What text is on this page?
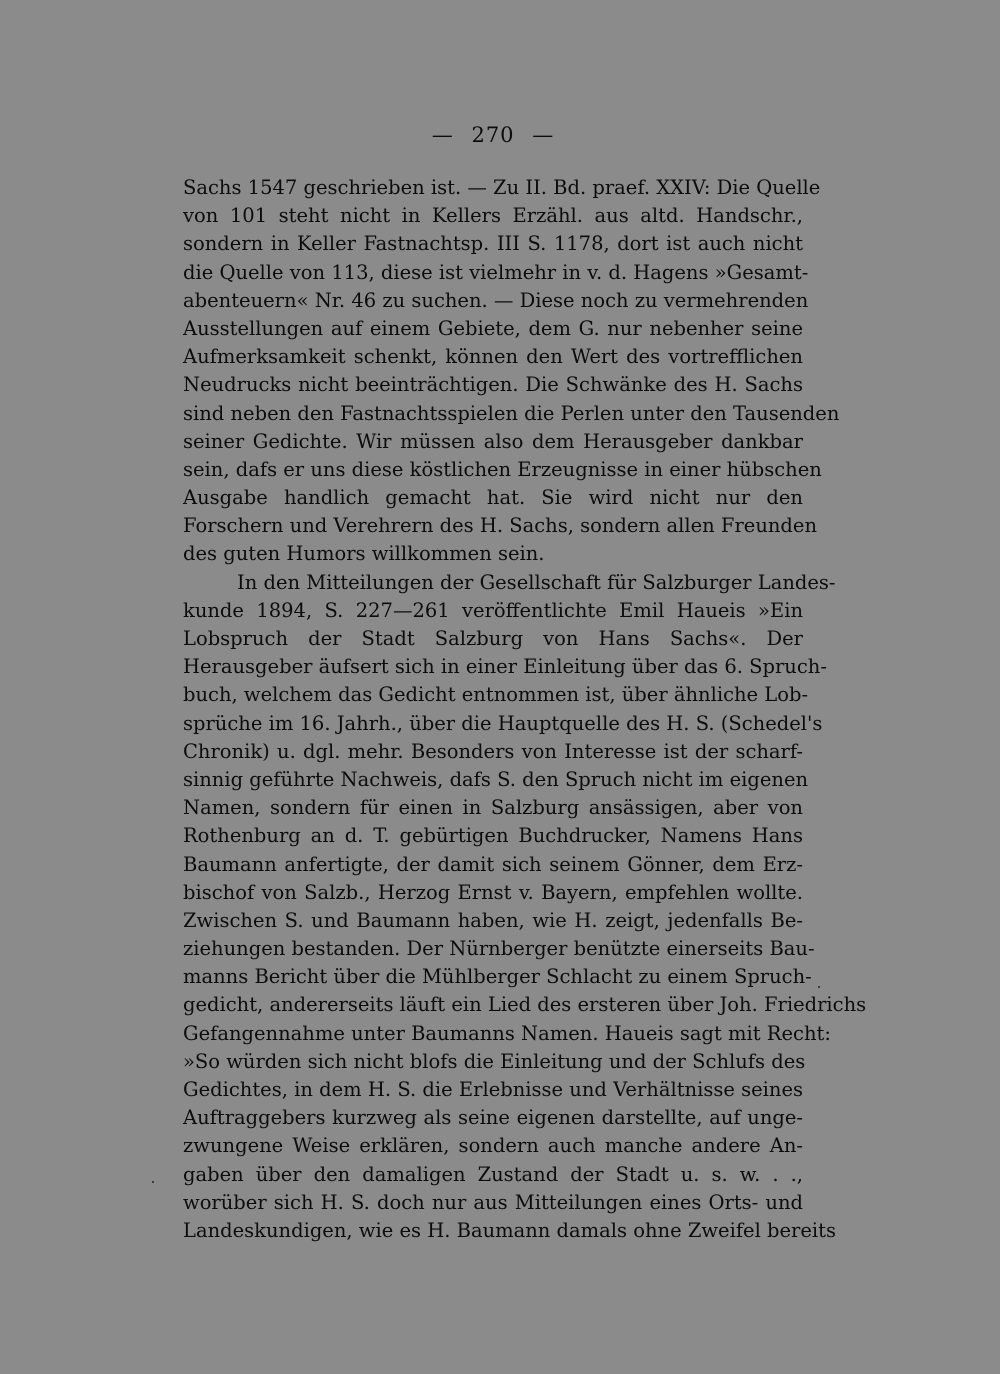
— 270 —
Sachs 1547 geschrieben ist. — Zu II. Bd. praef. XXIV: Die Quelle
von 101 steht nicht in Kellers Erzähl. aus altd. Handschr.,
sondern in Keller Fastnachtsp. III S. 1178, dort ist auch nicht
die Quelle von 113, diese ist vielmehr in v. d. Hagens »Gesamt-
abenteuern« Nr. 46 zu suchen. — Diese noch zu vermehrenden
Ausstellungen auf einem Gebiete, dem G. nur nebenher seine
Aufmerksamkeit schenkt, können den Wert des vortrefflichen
Neudrucks nicht beeinträchtigen. Die Schwänke des H. Sachs
sind neben den Fastnachtsspielen die Perlen unter den Tausenden
seiner Gedichte. Wir müssen also dem Herausgeber dankbar
sein, dafs er uns diese köstlichen Erzeugnisse in einer hübschen
Ausgabe handlich gemacht hat. Sie wird nicht nur den
Forschern und Verehrern des H. Sachs, sondern allen Freunden
des guten Humors willkommen sein.
In den Mitteilungen der Gesellschaft für Salzburger Landes-
kunde 1894, S. 227—261 veröffentlichte Emil Haueis »Ein
Lobspruch der Stadt Salzburg von Hans Sachs«. Der
Herausgeber äufsert sich in einer Einleitung über das 6. Spruch-
buch, welchem das Gedicht entnommen ist, über ähnliche Lob-
sprüche im 16. Jahrh., über die Hauptquelle des H. S. (Schedel's
Chronik) u. dgl. mehr. Besonders von Interesse ist der scharf-
sinnig geführte Nachweis, dafs S. den Spruch nicht im eigenen
Namen, sondern für einen in Salzburg ansässigen, aber von
Rothenburg an d. T. gebürtigen Buchdrucker, Namens Hans
Baumann anfertigte, der damit sich seinem Gönner, dem Erz-
bischof von Salzb., Herzog Ernst v. Bayern, empfehlen wollte.
Zwischen S. und Baumann haben, wie H. zeigt, jedenfalls Be-
ziehungen bestanden. Der Nürnberger benützte einerseits Bau-
manns Bericht über die Mühlberger Schlacht zu einem Spruch-
gedicht, andererseits läuft ein Lied des ersteren über Joh. Friedrichs
Gefangennahme unter Baumanns Namen. Haueis sagt mit Recht:
»So würden sich nicht blofs die Einleitung und der Schlufs des
Gedichtes, in dem H. S. die Erlebnisse und Verhältnisse seines
Auftraggebers kurzweg als seine eigenen darstellte, auf unge-
zwungene Weise erklären, sondern auch manche andere An-
gaben über den damaligen Zustand der Stadt u. s. w. . .,
worüber sich H. S. doch nur aus Mitteilungen eines Orts- und
Landeskundigen, wie es H. Baumann damals ohne Zweifel bereits
